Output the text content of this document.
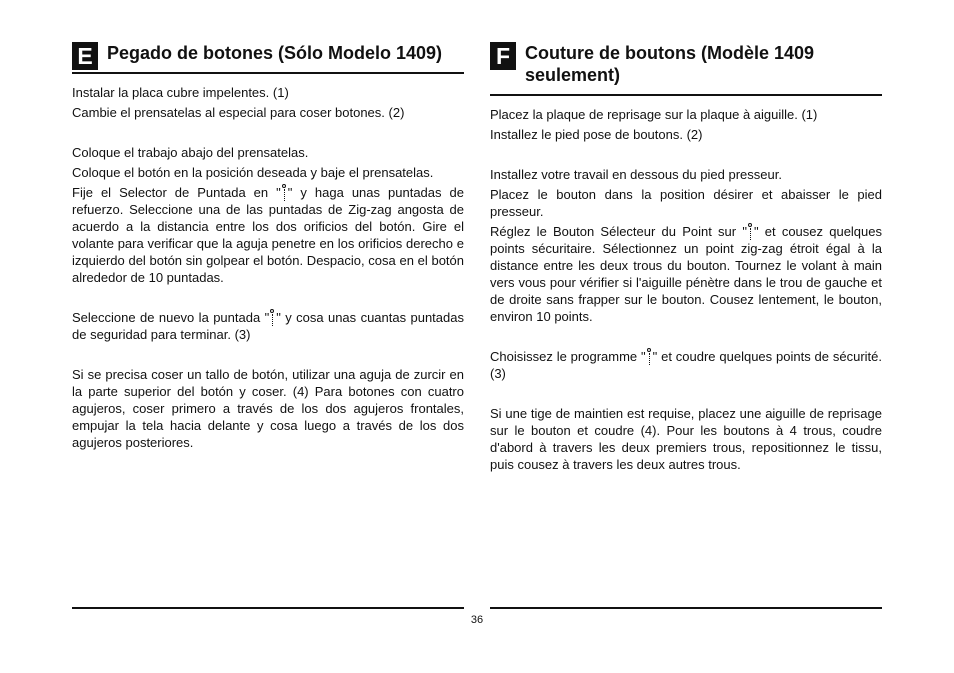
E Pegado de botones (Sólo Modelo 1409)

Instalar la placa cubre impelentes. (1)

Cambie el prensatelas al especial para coser botones. (2)

Coloque el trabajo abajo del prensatelas.

Coloque el botón en la posición deseada y baje el prensatelas.

Fije el Selector de Puntada en " " y haga unas puntadas de refuerzo. Seleccione una de las puntadas de Zig-zag angosta de acuerdo a la distancia entre los dos orificios del botón. Gire el volante para verificar que la aguja penetre en los orificios derecho e izquierdo del botón sin golpear el botón. Despacio, cosa en el botón alrededor de 10 puntadas.

Seleccione de nuevo la puntada " " y cosa unas cuantas puntadas de seguridad para terminar. (3)

Si se precisa coser un tallo de botón, utilizar una aguja de zurcir en la parte superior del botón y coser. (4) Para botones con cuatro agujeros, coser primero a través de los dos agujeros frontales, empujar la tela hacia delante y cosa luego a través de los dos agujeros posteriores.

F Couture de boutons (Modèle 1409
seulement)

Placez la plaque de reprisage sur la plaque à aiguille. (1)

Installez le pied pose de boutons. (2)

Installez votre travail en dessous du pied presseur.

Placez le bouton dans la position désirer et abaisser le pied presseur.

Réglez le Bouton Sélecteur du Point sur " " et cousez quelques points sécuritaire. Sélectionnez un point zig-zag étroit égal à la distance entre les deux trous du bouton. Tournez le volant à main vers vous pour vérifier si l'aiguille pénètre dans le trou de gauche et de droite sans frapper sur le bouton. Cousez lentement, le bouton, environ 10 points.

Choisissez le programme " " et coudre quelques points de sécurité. (3)

Si une tige de maintien est requise, placez une aiguille de reprisage sur le bouton et coudre (4). Pour les boutons à 4 trous, coudre d'abord à travers les deux premiers trous, repositionnez le tissu, puis cousez à travers les deux autres trous.

36
